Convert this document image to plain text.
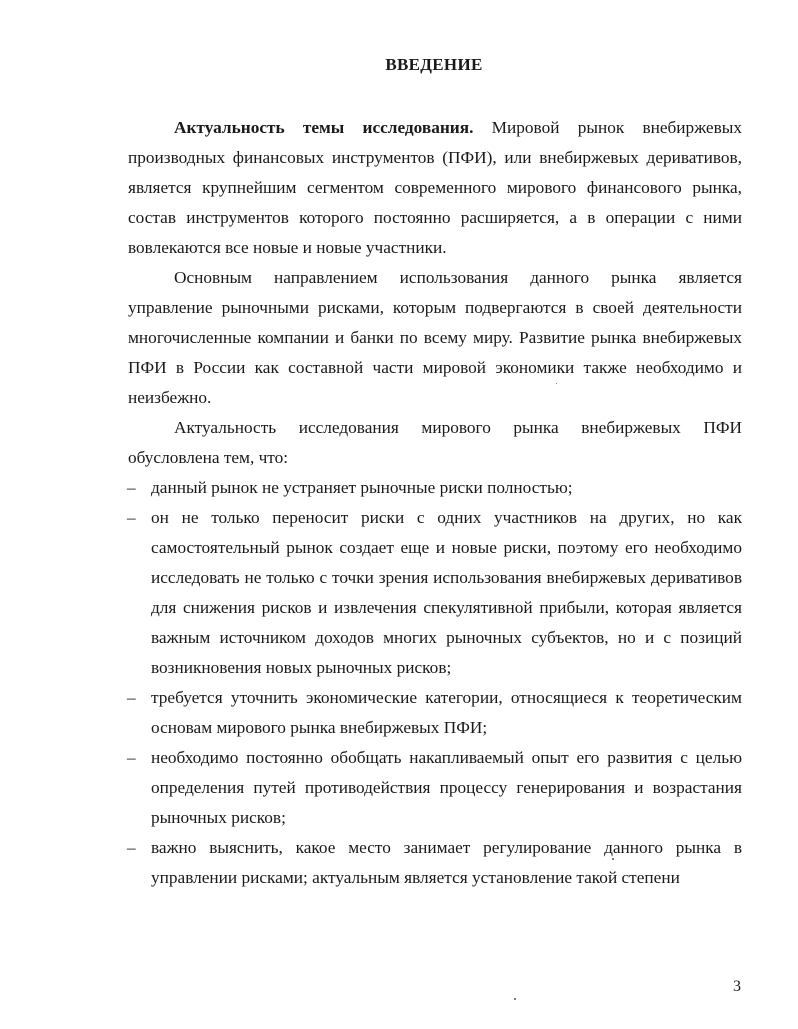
ВВЕДЕНИЕ

Актуальность темы исследования. Мировой рынок внебиржевых производных финансовых инструментов (ПФИ), или внебиржевых деривативов, является крупнейшим сегментом современного мирового финансового рынка, состав инструментов которого постоянно расширяется, а в операции с ними вовлекаются все новые и новые участники.

Основным направлением использования данного рынка является управление рыночными рисками, которым подвергаются в своей деятельности многочисленные компании и банки по всему миру. Развитие рынка внебиржевых ПФИ в России как составной части мировой экономики также необходимо и неизбежно.

Актуальность исследования мирового рынка внебиржевых ПФИ обусловлена тем, что:

– данный рынок не устраняет рыночные риски полностью;
– он не только переносит риски с одних участников на других, но как самостоятельный рынок создает еще и новые риски, поэтому его необходимо исследовать не только с точки зрения использования внебиржевых деривативов для снижения рисков и извлечения спекулятивной прибыли, которая является важным источником доходов многих рыночных субъектов, но и с позиций возникновения новых рыночных рисков;
– требуется уточнить экономические категории, относящиеся к теоретическим основам мирового рынка внебиржевых ПФИ;
– необходимо постоянно обобщать накапливаемый опыт его развития с целью определения путей противодействия процессу генерирования и возрастания рыночных рисков;
– важно выяснить, какое место занимает регулирование данного рынка в управлении рисками; актуальным является установление такой степени
3
